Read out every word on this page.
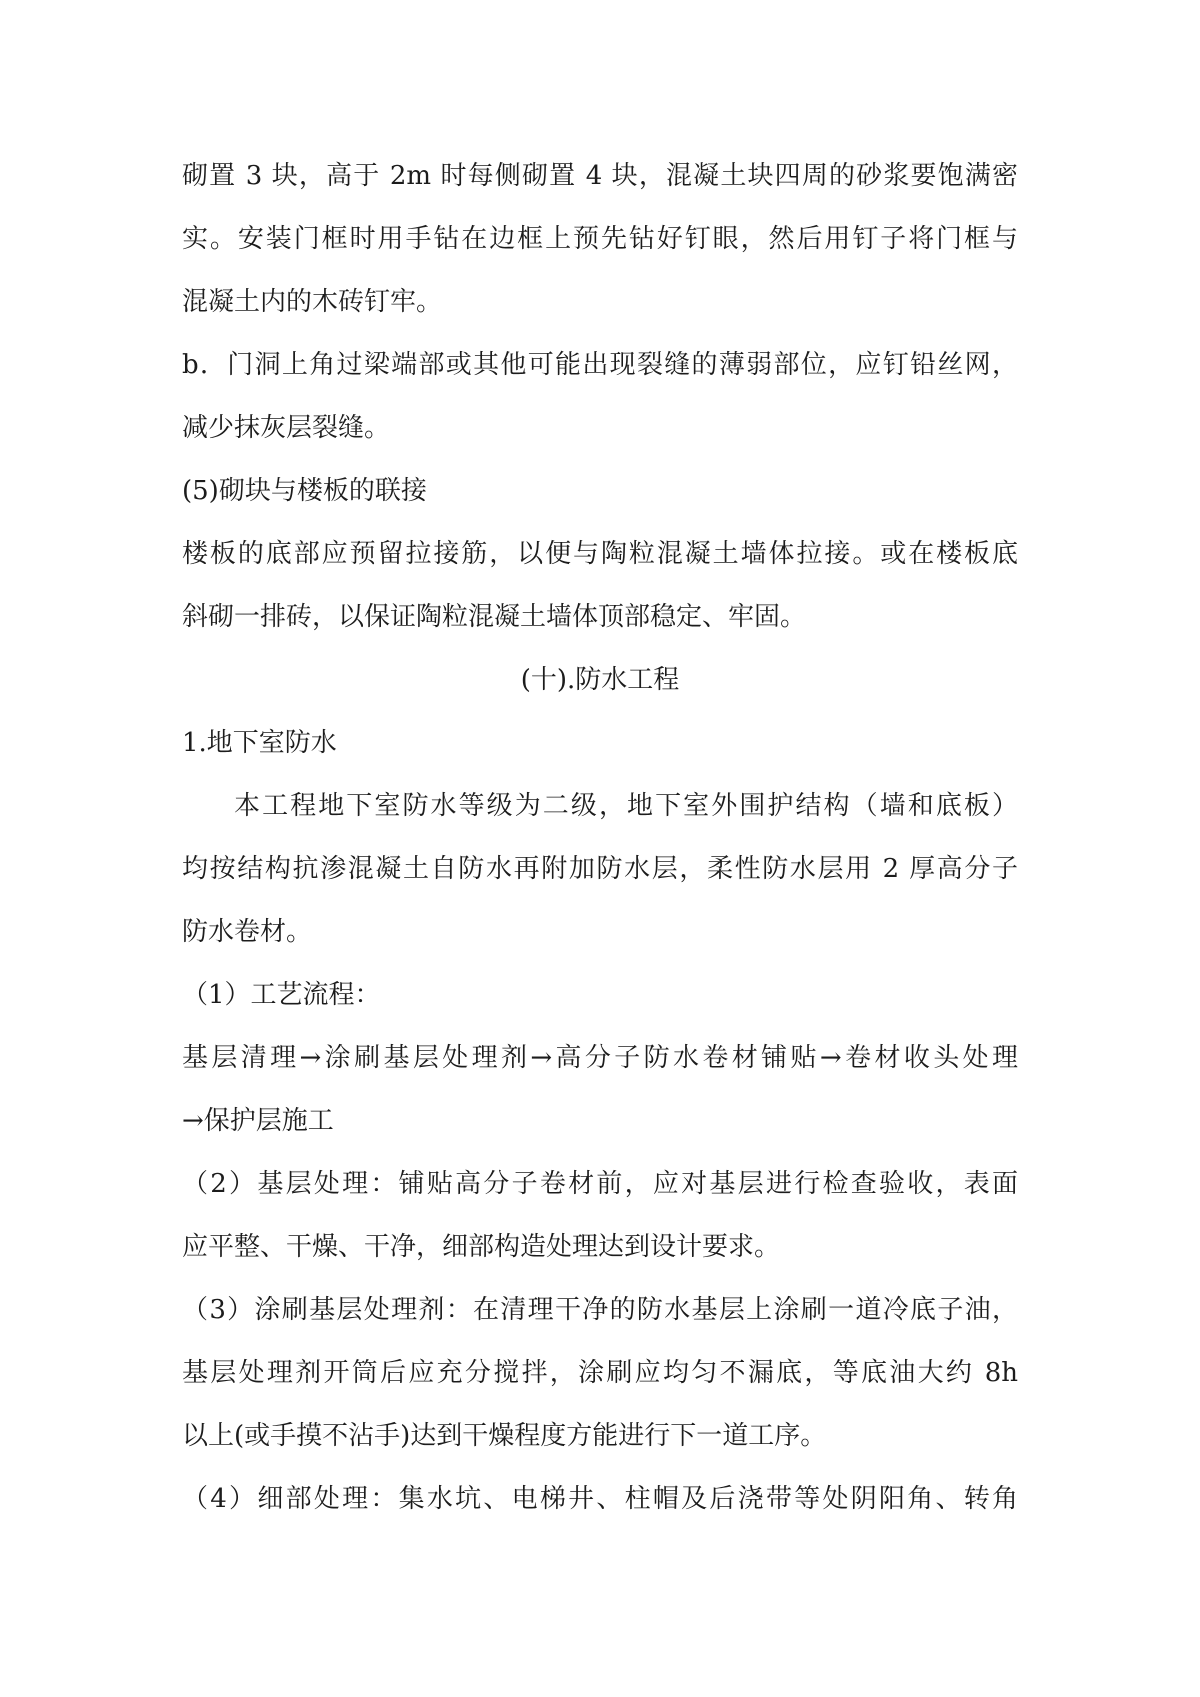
砌置 3 块，高于 2m 时每侧砌置 4 块，混凝土块四周的砂浆要饱满密
实。安装门框时用手钻在边框上预先钻好钉眼，然后用钉子将门框与
混凝土内的木砖钉牢。
b．门洞上角过梁端部或其他可能出现裂缝的薄弱部位，应钉铅丝网，
减少抹灰层裂缝。
(5)砌块与楼板的联接
楼板的底部应预留拉接筋，以便与陶粒混凝土墙体拉接。或在楼板底
斜砌一排砖，以保证陶粒混凝土墙体顶部稳定、牢固。
(十).防水工程
1.地下室防水
本工程地下室防水等级为二级，地下室外围护结构（墙和底板）
均按结构抗渗混凝土自防水再附加防水层，柔性防水层用 2 厚高分子
防水卷材。
（1）工艺流程：
基层清理→涂刷基层处理剂→高分子防水卷材铺贴→卷材收头处理
→保护层施工
（2）基层处理：铺贴高分子卷材前，应对基层进行检查验收，表面
应平整、干燥、干净，细部构造处理达到设计要求。
（3）涂刷基层处理剂：在清理干净的防水基层上涂刷一道冷底子油，
基层处理剂开筒后应充分搅拌，涂刷应均匀不漏底，等底油大约 8h
以上(或手摸不沾手)达到干燥程度方能进行下一道工序。
（4）细部处理：集水坑、电梯井、柱帽及后浇带等处阴阳角、转角
